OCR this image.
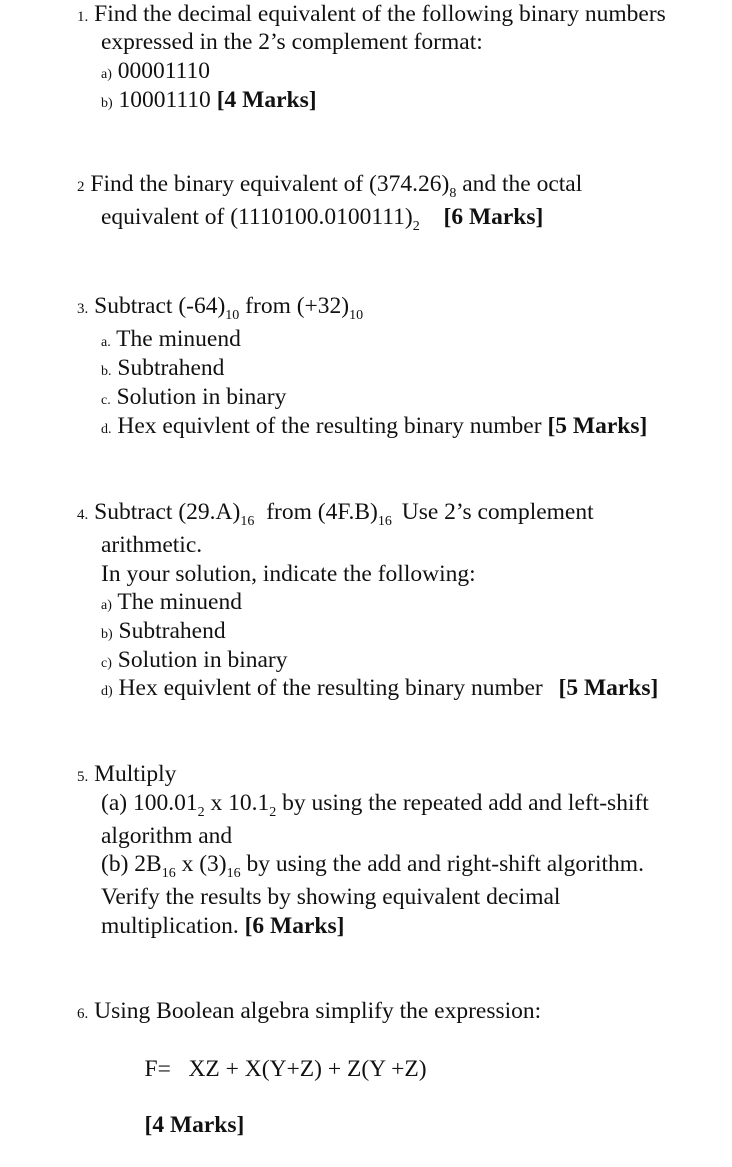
1. Find the decimal equivalent of the following binary numbers
expressed in the 2’s complement format:
a) 00001110
b) 10001110 [4 Marks]
2 Find the binary equivalent of $(374.26)_8$ and the octal
equivalent of $(1110100.0100111)_2$ [6 Marks]
3. Subtract $(-64)_{10}$ from $(+32)_{10}$
a. The minuend
b. Subtrahend
c. Solution in binary
d. Hex equivlent of the resulting binary number [5 Marks]
4. Subtract $(29.A)_{16}$ from $(4F.B)_{16}$ Use 2’s complement
arithmetic.
In your solution, indicate the following:
a) The minuend
b) Subtrahend
c) Solution in binary
d) Hex equivlent of the resulting binary number [5 Marks]
5. Multiply
(a) $100.01_2$ x $10.1_2$ by using the repeated add and left-shift
algorithm and
(b) $2B_{16}$ x $(3)_{16}$ by using the add and right-shift algorithm.
Verify the results by showing equivalent decimal
multiplication. [6 Marks]
6. Using Boolean algebra simplify the expression:

F=   XZ + X(Y+Z) + Z(Y +Z)

[4 Marks]
